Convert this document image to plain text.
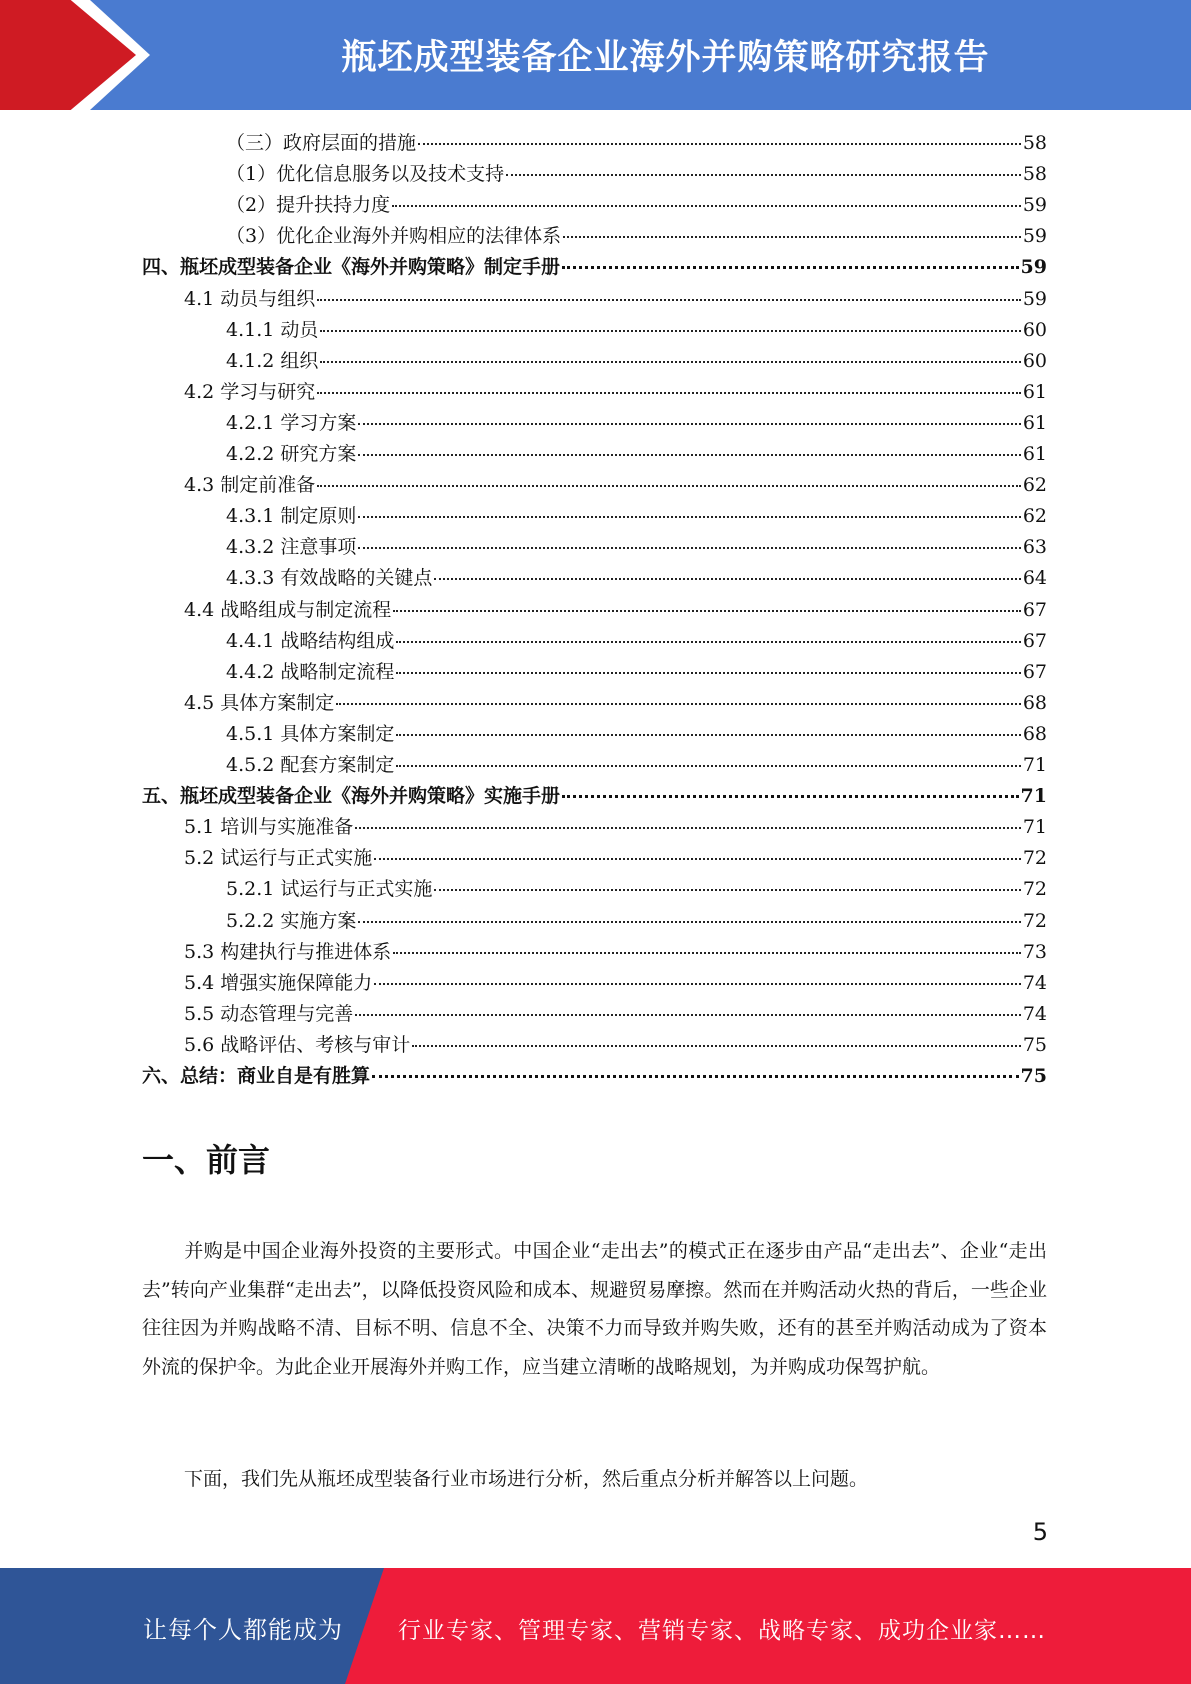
瓶坯成型装备企业海外并购策略研究报告
（三）政府层面的措施	58
（1）优化信息服务以及技术支持	58
（2）提升扶持力度	59
（3）优化企业海外并购相应的法律体系	59
四、瓶坯成型装备企业《海外并购策略》制定手册	59
4.1 动员与组织	59
4.1.1 动员	60
4.1.2 组织	60
4.2 学习与研究	61
4.2.1 学习方案	61
4.2.2 研究方案	61
4.3 制定前准备	62
4.3.1 制定原则	62
4.3.2 注意事项	63
4.3.3 有效战略的关键点	64
4.4 战略组成与制定流程	67
4.4.1 战略结构组成	67
4.4.2 战略制定流程	67
4.5 具体方案制定	68
4.5.1 具体方案制定	68
4.5.2 配套方案制定	71
五、瓶坯成型装备企业《海外并购策略》实施手册	71
5.1 培训与实施准备	71
5.2 试运行与正式实施	72
5.2.1 试运行与正式实施	72
5.2.2 实施方案	72
5.3 构建执行与推进体系	73
5.4 增强实施保障能力	74
5.5 动态管理与完善	74
5.6 战略评估、考核与审计	75
六、总结：商业自是有胜算	75
一、前言
并购是中国企业海外投资的主要形式。中国企业“走出去”的模式正在逐步由产品“走出去”、企业“走出去”转向产业集群“走出去”，以降低投资风险和成本、规避贸易摩擦。然而在并购活动火热的背后，一些企业往往因为并购战略不清、目标不明、信息不全、决策不力而导致并购失败，还有的甚至并购活动成为了资本外流的保护伞。为此企业开展海外并购工作，应当建立清晰的战略规划，为并购成功保驾护航。
下面，我们先从瓶坯成型装备行业市场进行分析，然后重点分析并解答以上问题。
5
让每个人都能成为 行业专家、管理专家、营销专家、战略专家、成功企业家……
